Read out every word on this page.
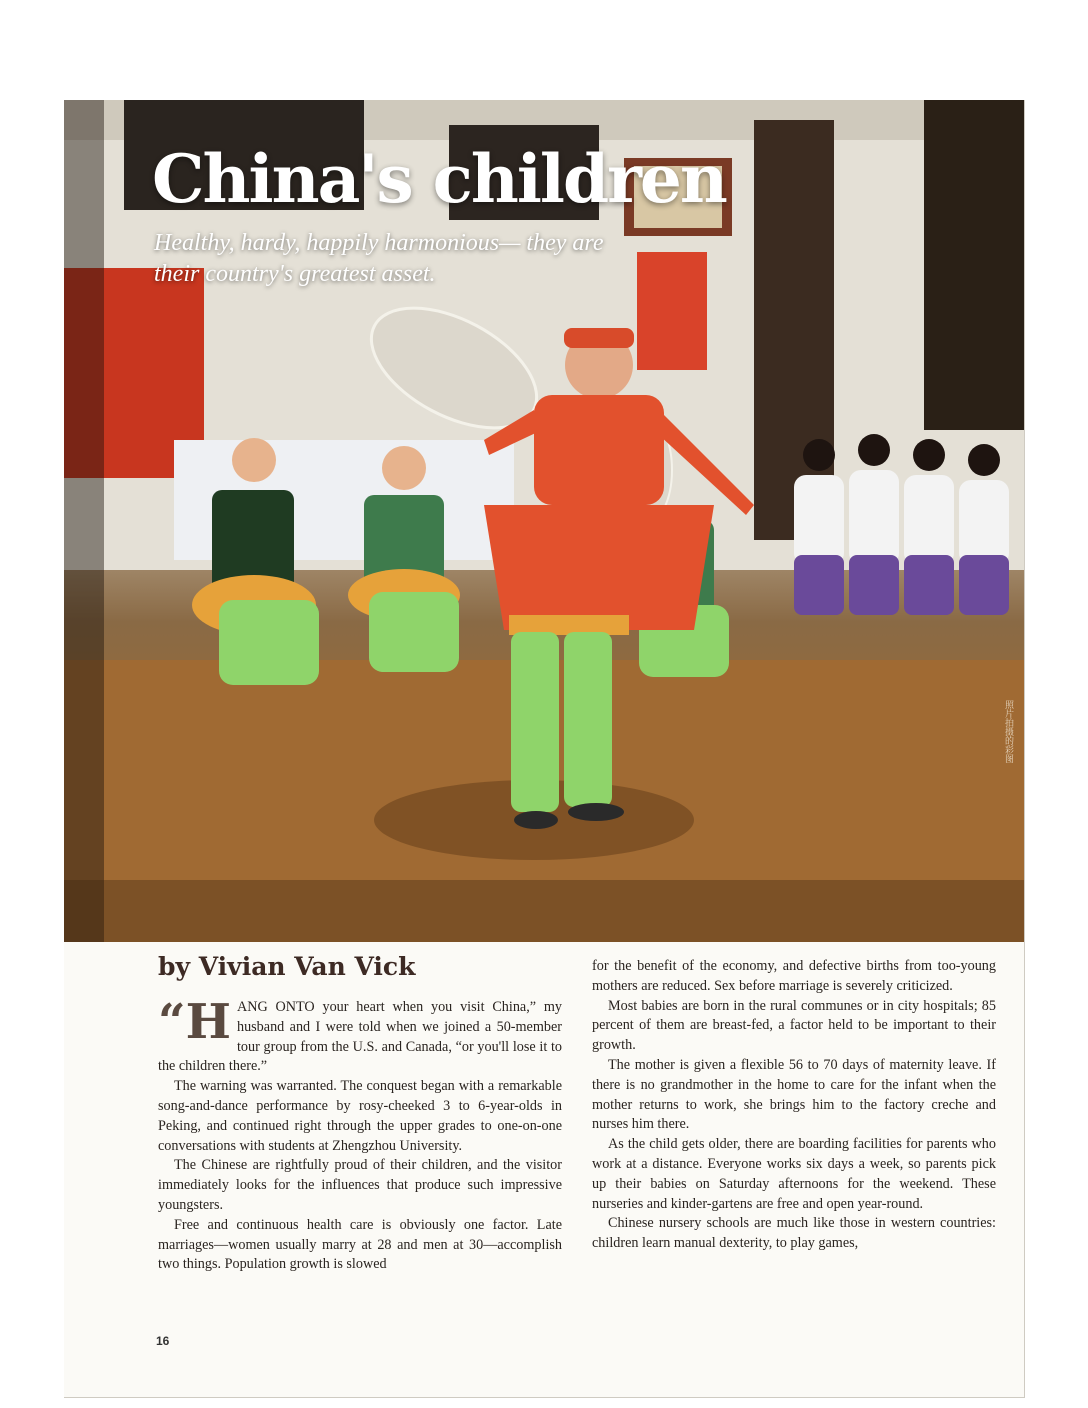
China's children

Healthy, hardy, happily harmonious— they are their country's greatest asset.

照片拍摄的彩图
by Vivian Van Vick

“HANG ONTO your heart when you visit China,” my husband and I were told when we joined a 50-member tour group from the U.S. and Canada, “or you'll lose it to the children there.”

The warning was warranted. The conquest began with a remarkable song-and-dance performance by rosy-cheeked 3 to 6-year-olds in Peking, and continued right through the upper grades to one-on-one conversations with students at Zhengzhou University.

The Chinese are rightfully proud of their children, and the visitor immediately looks for the influences that produce such impressive youngsters.

Free and continuous health care is obviously one factor. Late marriages—women usually marry at 28 and men at 30—accomplish two things. Population growth is slowed

for the benefit of the economy, and defective births from too-young mothers are reduced. Sex before marriage is severely criticized.

Most babies are born in the rural communes or in city hospitals; 85 percent of them are breast-fed, a factor held to be important to their growth.

The mother is given a flexible 56 to 70 days of maternity leave. If there is no grandmother in the home to care for the infant when the mother returns to work, she brings him to the factory creche and nurses him there.

As the child gets older, there are boarding facilities for parents who work at a distance. Everyone works six days a week, so parents pick up their babies on Saturday afternoons for the weekend. These nurseries and kinder-gartens are free and open year-round.

Chinese nursery schools are much like those in western countries: children learn manual dexterity, to play games,

16
